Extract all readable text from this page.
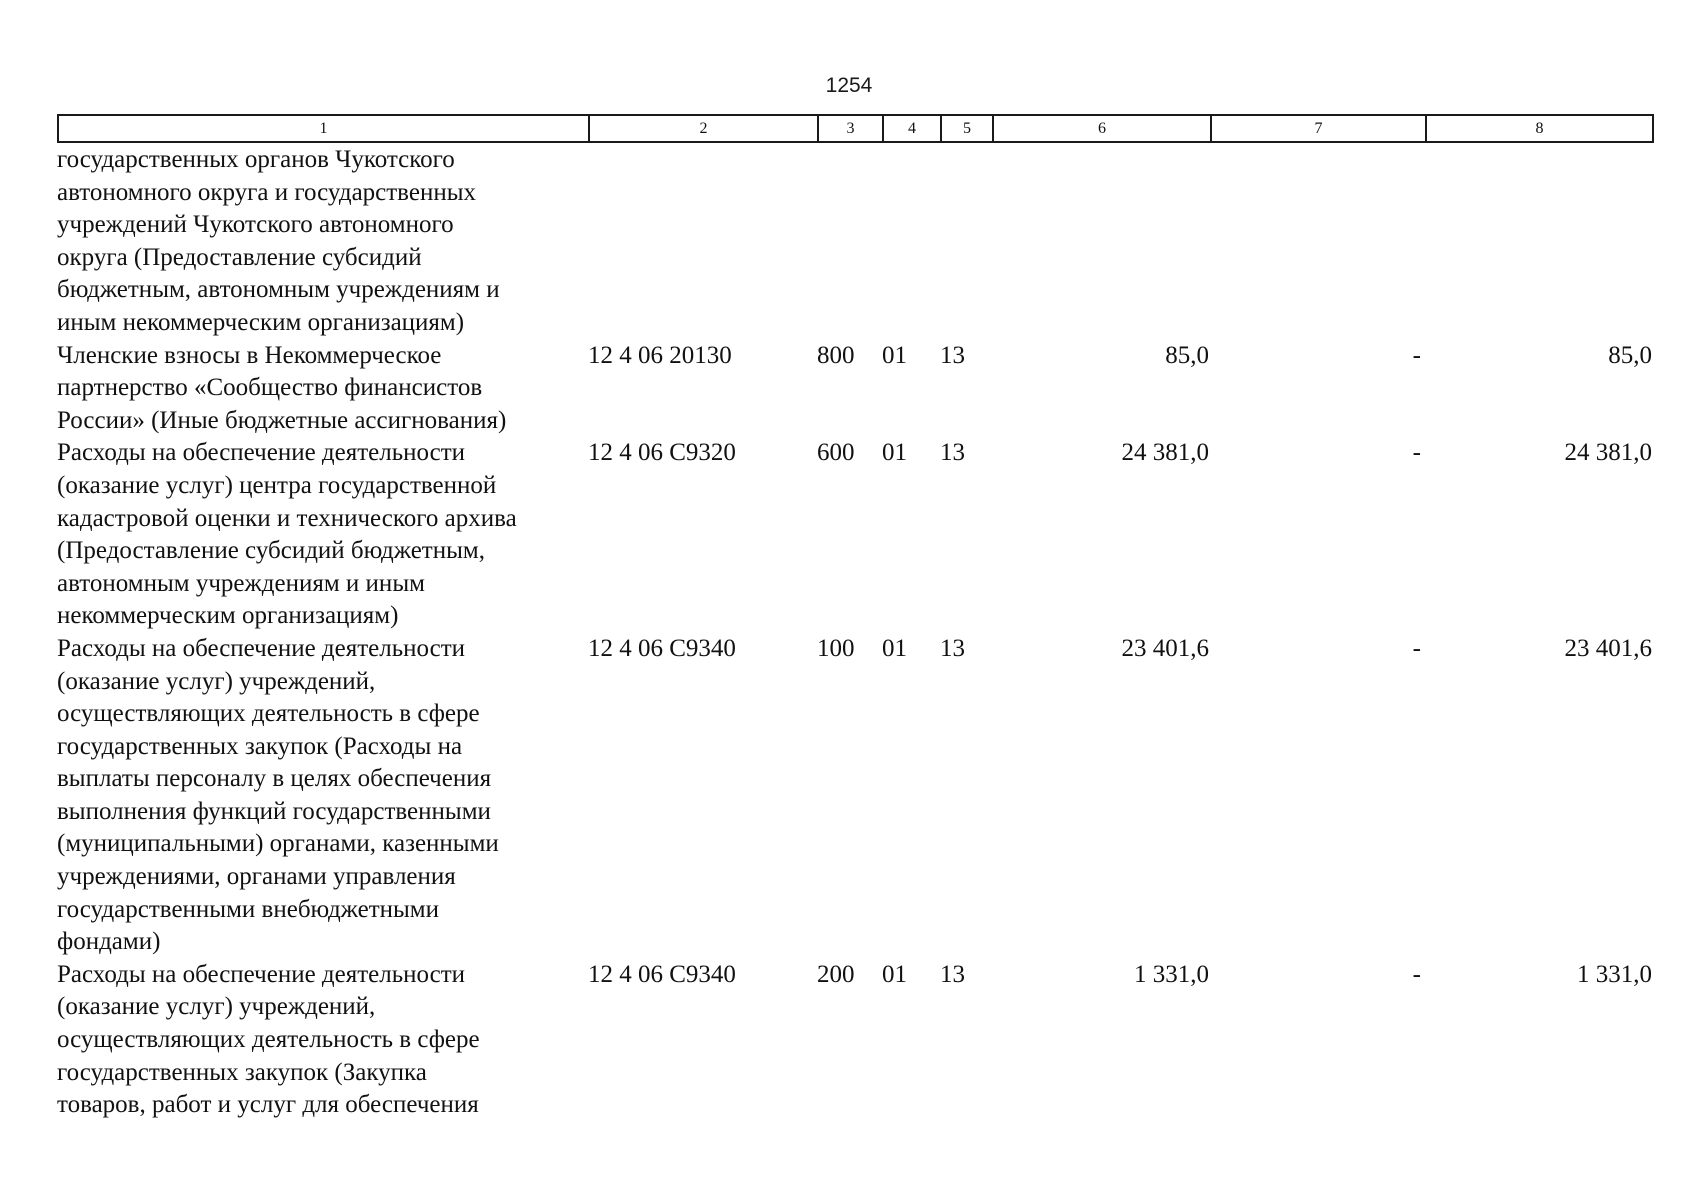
1254
1	2	3	4	5	6	7	8
государственных органов Чукотского
автономного округа и государственных
учреждений Чукотского автономного
округа (Предоставление субсидий
бюджетным, автономным учреждениям и
иным некоммерческим организациям)
Членские взносы в Некоммерческое
партнерство «Сообщество финансистов
России» (Иные бюджетные ассигнования)
12 4 06 20130	800	01	13	85,0	-	85,0
Расходы на обеспечение деятельности
(оказание услуг) центра государственной
кадастровой оценки и технического архива
(Предоставление субсидий бюджетным,
автономным учреждениям и иным
некоммерческим организациям)
12 4 06 С9320	600	01	13	24 381,0	-	24 381,0
Расходы на обеспечение деятельности
(оказание услуг) учреждений,
осуществляющих деятельность в сфере
государственных закупок (Расходы на
выплаты персоналу в целях обеспечения
выполнения функций государственными
(муниципальными) органами, казенными
учреждениями, органами управления
государственными внебюджетными
фондами)
12 4 06 С9340	100	01	13	23 401,6	-	23 401,6
Расходы на обеспечение деятельности
(оказание услуг) учреждений,
осуществляющих деятельность в сфере
государственных закупок (Закупка
товаров, работ и услуг для обеспечения
12 4 06 С9340	200	01	13	1 331,0	-	1 331,0
